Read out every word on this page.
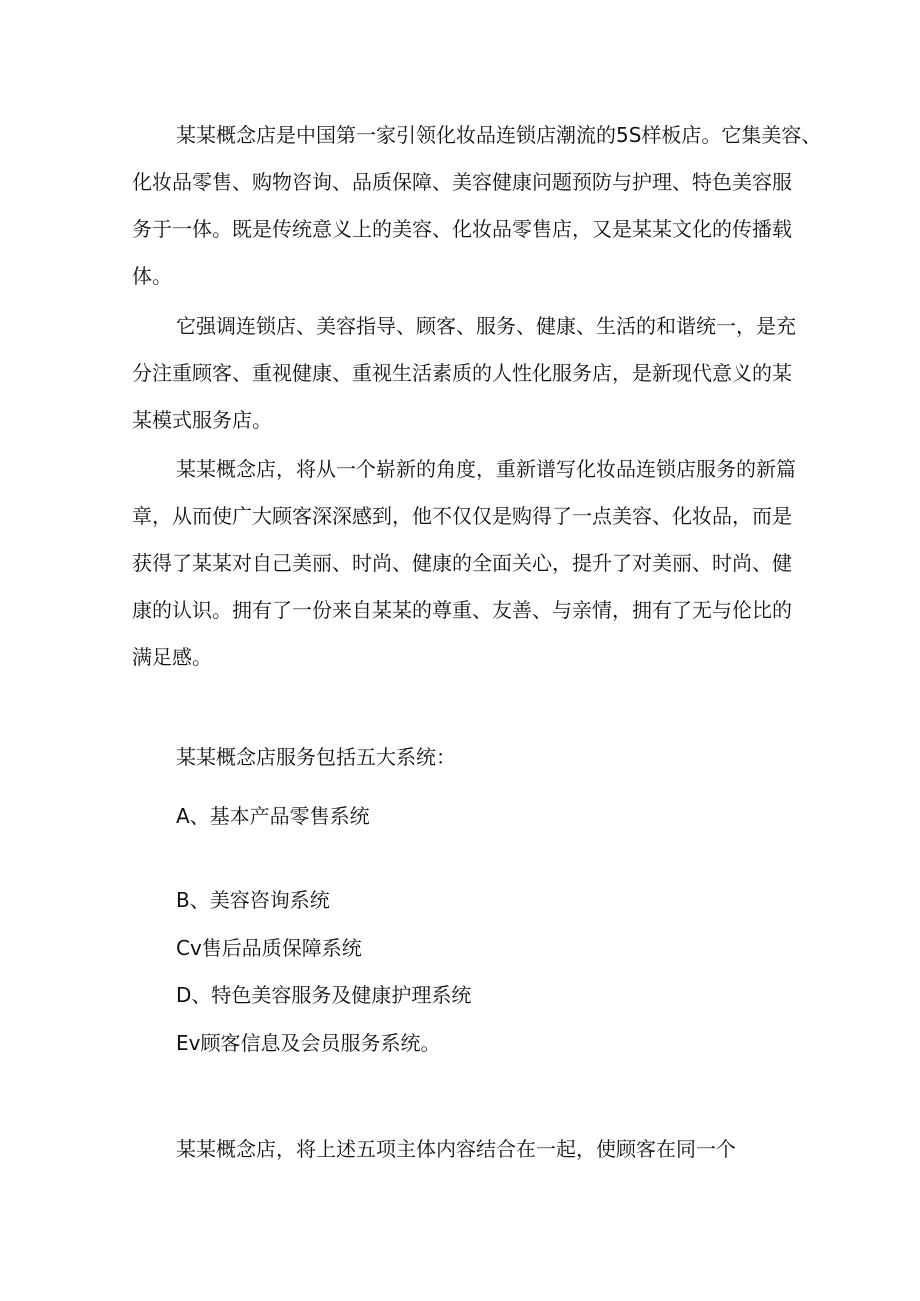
某某概念店是中国第一家引领化妆品连锁店潮流的5S样板店。它集美容、
化妆品零售、购物咨询、品质保障、美容健康问题预防与护理、特色美容服
务于一体。既是传统意义上的美容、化妆品零售店，又是某某文化的传播载
体。
它强调连锁店、美容指导、顾客、服务、健康、生活的和谐统一，是充
分注重顾客、重视健康、重视生活素质的人性化服务店，是新现代意义的某
某模式服务店。
某某概念店，将从一个崭新的角度，重新谱写化妆品连锁店服务的新篇
章，从而使广大顾客深深感到，他不仅仅是购得了一点美容、化妆品，而是
获得了某某对自己美丽、时尚、健康的全面关心，提升了对美丽、时尚、健
康的认识。拥有了一份来自某某的尊重、友善、与亲情，拥有了无与伦比的
满足感。
某某概念店服务包括五大系统：
A、基本产品零售系统
B、美容咨询系统
Cv售后品质保障系统
D、特色美容服务及健康护理系统
Ev顾客信息及会员服务系统。
某某概念店，将上述五项主体内容结合在一起，使顾客在同一个
